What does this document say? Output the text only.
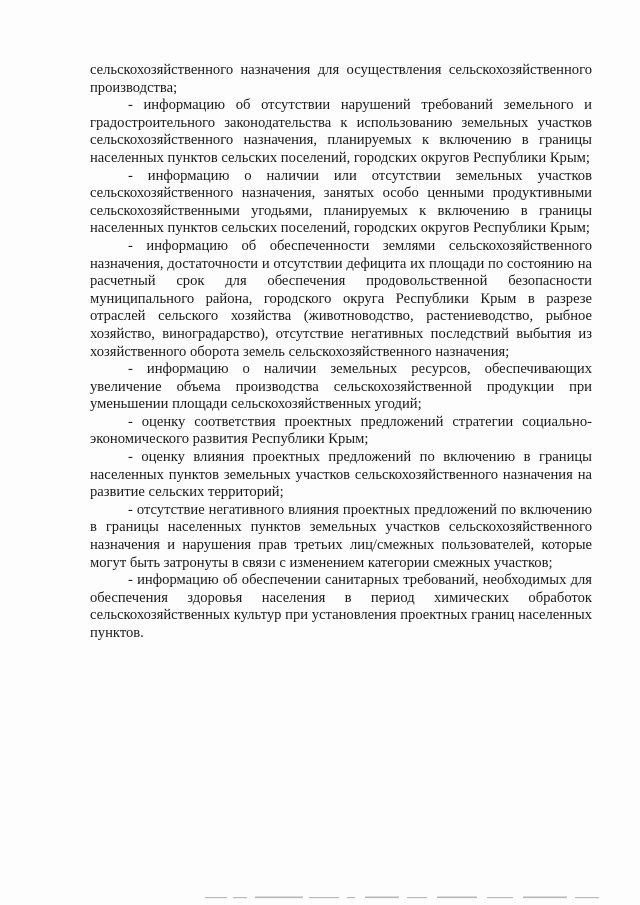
сельскохозяйственного назначения для осуществления сельскохозяйственного производства;

- информацию об отсутствии нарушений требований земельного и градостроительного законодательства к использованию земельных участков сельскохозяйственного назначения, планируемых к включению в границы населенных пунктов сельских поселений, городских округов Республики Крым;

- информацию о наличии или отсутствии земельных участков сельскохозяйственного назначения, занятых особо ценными продуктивными сельскохозяйственными угодьями, планируемых к включению в границы населенных пунктов сельских поселений, городских округов Республики Крым;

- информацию об обеспеченности землями сельскохозяйственного назначения, достаточности и отсутствии дефицита их площади по состоянию на расчетный срок для обеспечения продовольственной безопасности муниципального района, городского округа Республики Крым в разрезе отраслей сельского хозяйства (животноводство, растениеводство, рыбное хозяйство, виноградарство), отсутствие негативных последствий выбытия из хозяйственного оборота земель сельскохозяйственного назначения;

- информацию о наличии земельных ресурсов, обеспечивающих увеличение объема производства сельскохозяйственной продукции при уменьшении площади сельскохозяйственных угодий;

- оценку соответствия проектных предложений стратегии социально-экономического развития Республики Крым;

- оценку влияния проектных предложений по включению в границы населенных пунктов земельных участков сельскохозяйственного назначения на развитие сельских территорий;

- отсутствие негативного влияния проектных предложений по включению в границы населенных пунктов земельных участков сельскохозяйственного назначения и нарушения прав третьих лиц/смежных пользователей, которые могут быть затронуты в связи с изменением категории смежных участков;

- информацию об обеспечении санитарных требований, необходимых для обеспечения здоровья населения в период химических обработок сельскохозяйственных культур при установления проектных границ населенных пунктов.
